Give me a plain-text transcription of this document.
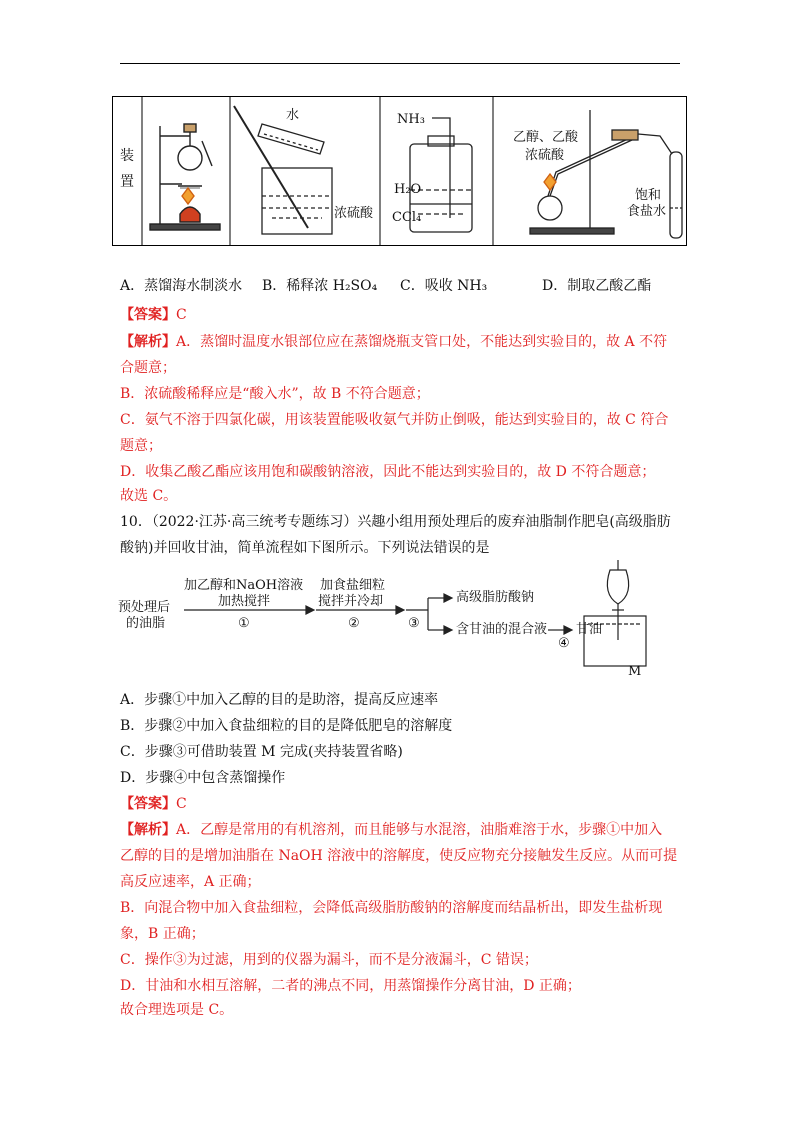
装
置
水
浓硫酸
NH₃
H₂O
CCl₄
乙醇、乙酸
浓硫酸
饱和
食盐水
A．蒸馏海水制淡水 B．稀释浓 H₂SO₄ C．吸收 NH₃	D．制取乙酸乙酯
【答案】C
【解析】A．蒸馏时温度水银部位应在蒸馏烧瓶支管口处，不能达到实验目的，故 A 不符
合题意；
B．浓硫酸稀释应是“酸入水”，故 B 不符合题意；
C．氨气不溶于四氯化碳，用该装置能吸收氨气并防止倒吸，能达到实验目的，故 C 符合
题意；
D．收集乙酸乙酯应该用饱和碳酸钠溶液，因此不能达到实验目的，故 D 不符合题意；
故选 C。
10．（2022·江苏·高三统考专题练习）兴趣小组用预处理后的废弃油脂制作肥皂(高级脂肪
酸钠)并回收甘油，简单流程如下图所示。下列说法错误的是
预处理后
的油脂
加乙醇和NaOH溶液
加热搅拌
①
加食盐细粒
搅拌并冷却
②	③
高级脂肪酸钠
含甘油的混合液
④
甘油
M
A．步骤①中加入乙醇的目的是助溶，提高反应速率
B．步骤②中加入食盐细粒的目的是降低肥皂的溶解度
C．步骤③可借助装置 M 完成(夹持装置省略)
D．步骤④中包含蒸馏操作
【答案】C
【解析】A．乙醇是常用的有机溶剂，而且能够与水混溶，油脂难溶于水，步骤①中加入
乙醇的目的是增加油脂在 NaOH 溶液中的溶解度，使反应物充分接触发生反应。从而可提
高反应速率，A 正确；
B．向混合物中加入食盐细粒，会降低高级脂肪酸钠的溶解度而结晶析出，即发生盐析现
象，B 正确；
C．操作③为过滤，用到的仪器为漏斗，而不是分液漏斗，C 错误；
D．甘油和水相互溶解，二者的沸点不同，用蒸馏操作分离甘油，D 正确；
故合理选项是 C。
